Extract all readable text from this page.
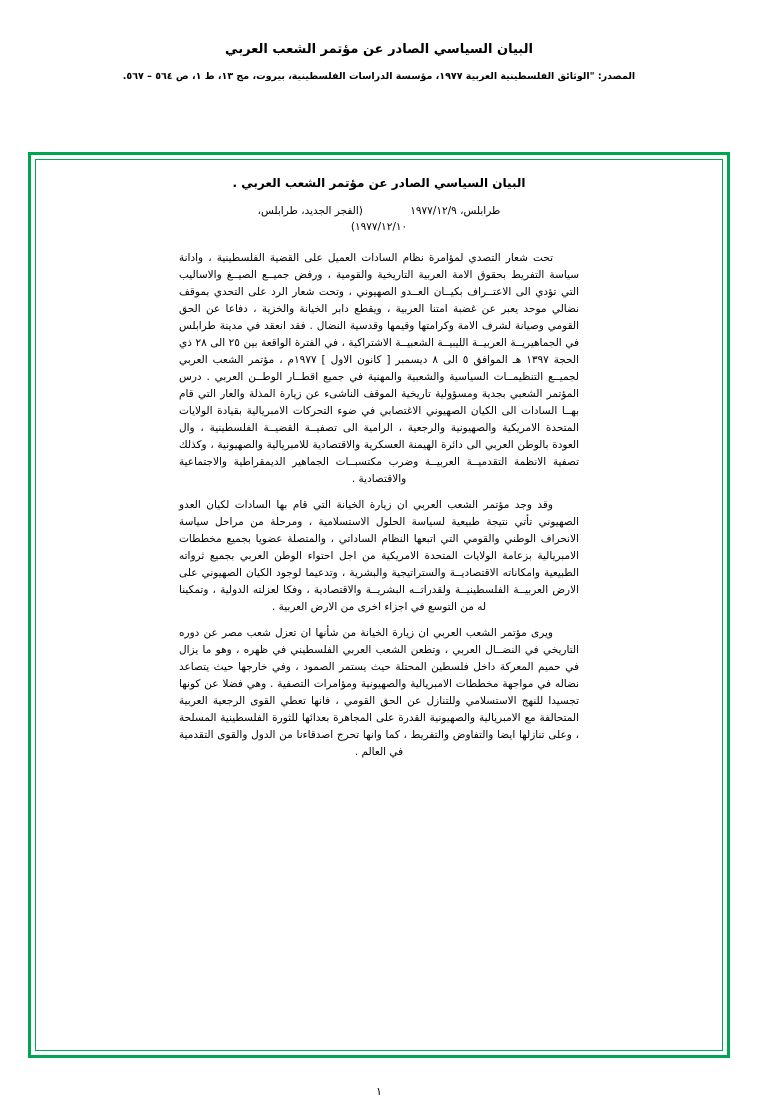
البيان السياسي الصادر عن مؤتمر الشعب العربي
المصدر: "الوثائق الفلسطينية العربية ١٩٧٧، مؤسسة الدراسات الفلسطينية، بيروت، مج ١٣، ط ١، ص ٥٦٤ – ٥٦٧.
البيان السياسي الصادر عن مؤتمر الشعب العربي .
طرابلس، ١٩٧٧/١٢/٩ (الفجر الجديد، طرابلس،
١٩٧٧/١٢/١٠)

تحت شعار التصدي لمؤامرة نظام السادات العميل على القضية الفلسطينية ، وادانة سياسة التفريط بحقوق الامة العربية التاريخية والقومية ، ورفض جميــع الصيــغ والاساليب التي تؤدي الى الاعتــراف بكيــان العــدو الصهيوني ، وتحت شعار الرد على التحدي بموقف نضالي موحد يعبر عن غضبة امتنا العربية ، ويقطع دابر الخيانة والخزية ، دفاعا عن الحق القومي وصيانة لشرف الامة وكرامتها وقيمها وقدسية النضال . فقد انعقد في مدينة طرابلس في الجماهيريــة العربيــة الليبيــة الشعبيــة الاشتراكية ، في الفترة الواقعة بين ٢٥ الى ٢٨ ذي الحجة ١٣٩٧ هـ الموافق ٥ الى ٨ ديسمبر [ كانون الاول ] ١٩٧٧م ، مؤتمر الشعب العربي لجميــع التنظيمــات السياسية والشعبية والمهنية في جميع اقطــار الوطــن العربي . درس المؤتمر الشعبي بجدية ومسؤولية تاريخية الموقف الناشىء عن زيارة المذلة والعار التي قام بهــا السادات الى الكيان الصهيوني الاغتصابي في ضوء التحركات الامبريالية بقيادة الولايات المتحدة الامريكية والصهيونية والرجعية ، الرامية الى تصفيــة القضيــة الفلسطينية ، وال العودة بالوطن العربي الى دائرة الهيمنة العسكرية والاقتصادية للامبريالية والصهيونية ، وكذلك تصفية الانظمة التقدميــة العربيــة وضرب مكتسبــات الجماهير الديمقراطية والاجتماعية والاقتصادية .

وقد وجد مؤتمر الشعب العربي ان زيارة الخيانة التي قام بها السادات لكيان العدو الصهيوني تأتي نتيجة طبيعية لسياسة الحلول الاستسلامية ، ومرحلة من مراحل سياسة الانحراف الوطني والقومي التي اتبعها النظام الساداتي ، والمتصلة عضويا بجميع مخططات الامبريالية بزعامة الولايات المتحدة الامريكية من اجل احتواء الوطن العربي بجميع ثرواته الطبيعية وامكاناته الاقتصاديــة والستراتيجية والبشرية ، وتدعيما لوجود الكيان الصهيوني على الارض العربيــة الفلسطينيــة ولقدراتــه البشريــة والاقتصادية ، وفكا لعزلته الدولية ، وتمكينا له من التوسع في اجزاء اخرى من الارض العربية .

ويرى مؤتمر الشعب العربي ان زيارة الخيانة من شأنها ان تعزل شعب مصر عن دوره التاريخي في النضــال العربي ، وتطعن الشعب العربي الفلسطيني في ظهره ، وهو ما يزال في حميم المعركة داخل فلسطين المحتلة حيث يستمر الصمود ، وفي خارجها حيث يتصاعد نضاله في مواجهة مخططات الامبريالية والصهيونية ومؤامرات التصفية . وهي فضلا عن كونها تجسيدا للنهج الاستسلامي وللتنازل عن الحق القومي ، فانها تعطي القوى الرجعية العربية المتحالفة مع الامبريالية والصهيونية القدرة على المجاهرة بعدائها للثورة الفلسطينية المسلحة ، وعلى تنازلها ايضا والتفاوض والتفريط ، كما وانها تحرج اصدقاءنا من الدول والقوى التقدمية في العالم .

١
